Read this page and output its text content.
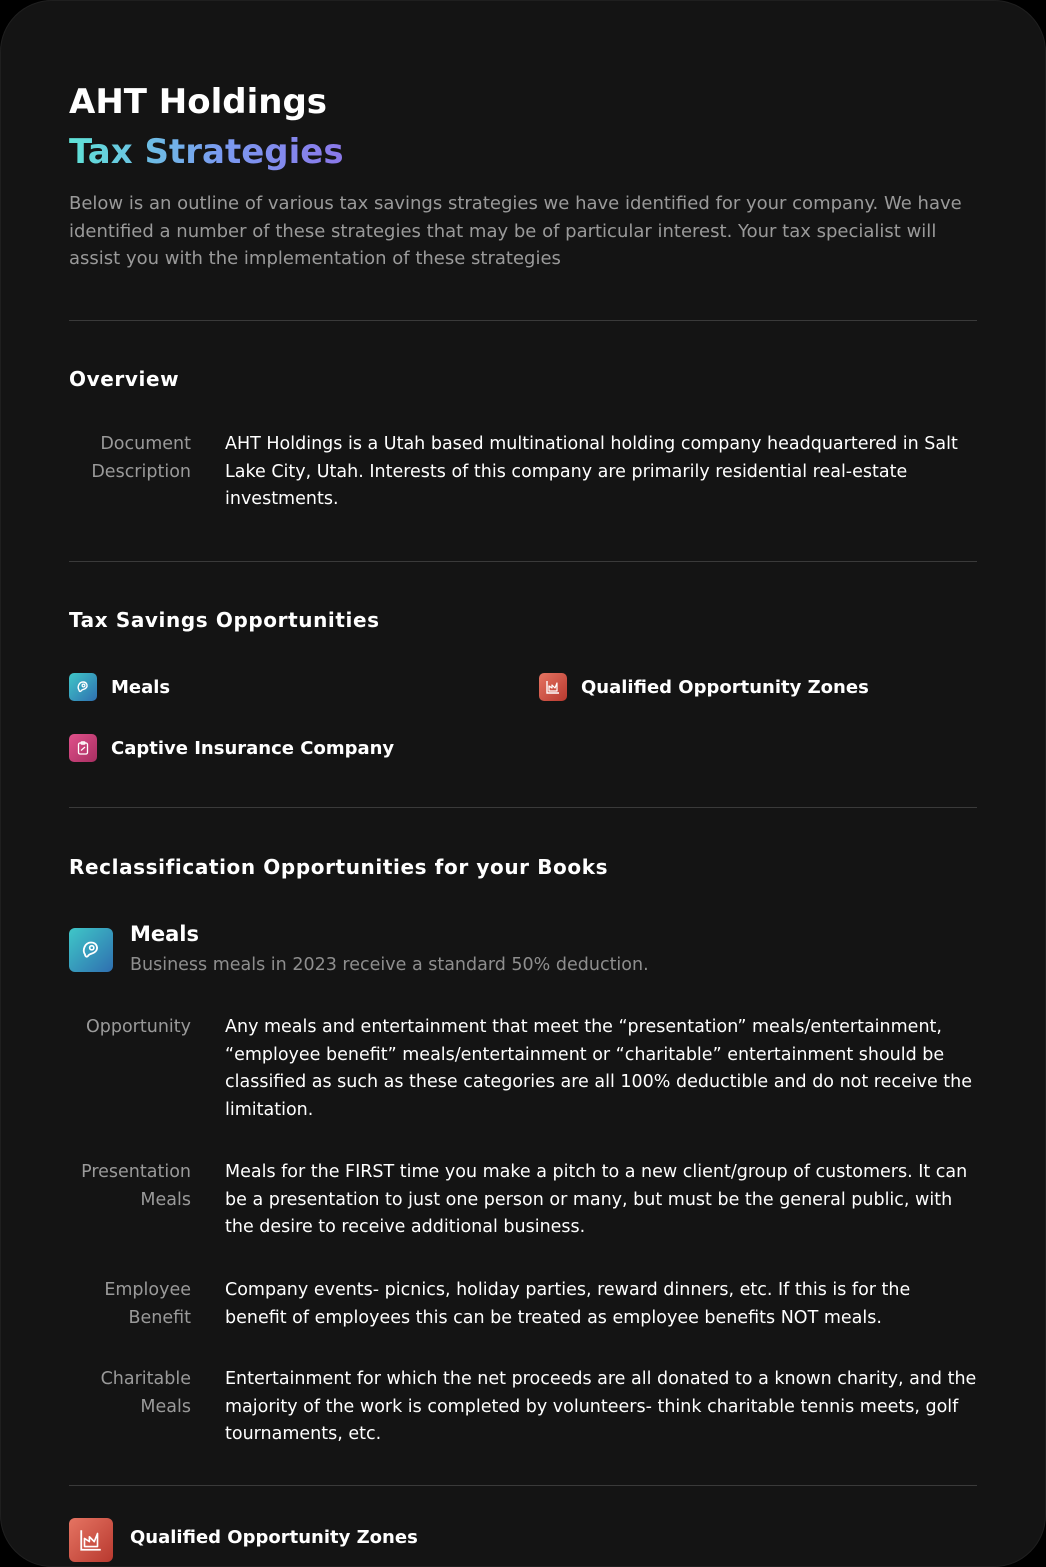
AHT Holdings
Tax Strategies
Below is an outline of various tax savings strategies we have identified for your company. We have identified a number of these strategies that may be of particular interest. Your tax specialist will assist you with the implementation of these strategies
Overview
Document Description
AHT Holdings is a Utah based multinational holding company headquartered in Salt Lake City, Utah. Interests of this company are primarily residential real-estate investments.
Tax Savings Opportunities
Meals	Qualified Opportunity Zones
Captive Insurance Company
Reclassification Opportunities for your Books
Meals
Business meals in 2023 receive a standard 50% deduction.
Opportunity Any meals and entertainment that meet the “presentation” meals/entertainment, “employee benefit” meals/entertainment or “charitable” entertainment should be classified as such as these categories are all 100% deductible and do not receive the limitation.
Presentation Meals
Meals for the FIRST time you make a pitch to a new client/group of customers. It can be a presentation to just one person or many, but must be the general public, with the desire to receive additional business.
Employee Benefit
Company events- picnics, holiday parties, reward dinners, etc. If this is for the benefit of employees this can be treated as employee benefits NOT meals.
Charitable Meals
Entertainment for which the net proceeds are all donated to a known charity, and the majority of the work is completed by volunteers- think charitable tennis meets, golf tournaments, etc.
Qualified Opportunity Zones
